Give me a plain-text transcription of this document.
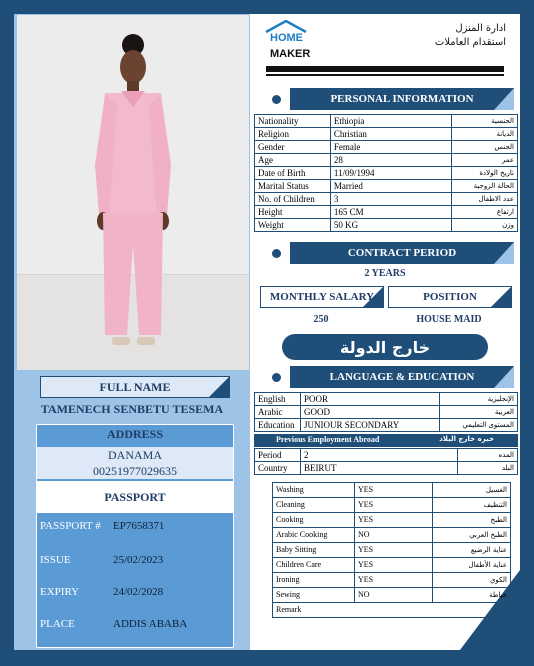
FULL NAME
TAMENECH SENBETU TESEMA
ADDRESS
DANAMA
00251977029635
PASSPORT
PASSPORT # EP7658371
ISSUE	25/02/2023
EXPIRY	24/02/2028
PLACE	ADDIS ABABA
HOME
MAKER
ادارة المنزل
استقدام العاملات
PERSONAL INFORMATION
Nationality	Ethiopia	الجنسية
Religion	Christian	الديانة
Gender	Female	الجنس
Age	28	عمر
Date of Birth	11/09/1994	تاريخ الولادة
Marital Status	Married	الحالة الزوجية
No. of Children	3	عدد الاطفال
Height	165 CM	ارتفاع
Weight	50 KG	وزن
CONTRACT PERIOD
2 YEARS
MONTHLY SALARY	POSITION
250	HOUSE MAID
خارج الدولة
LANGUAGE & EDUCATION
English	POOR	الإنجليزية
Arabic	GOOD	العربية
Education	JUNIOUR SECONDARY	المستوى التعليمي
Previous Employment Abroad	خبره خارج البلاد
Period	2	المده
Country	BEIRUT	البلد
Washing	YES	الغسيل
Cleaning	YES	التنظيف
Cooking	YES	الطبخ
Arabic Cooking	NO	الطبخ العربي
Baby Sitting	YES	عناية الرضيع
Children Care	YES	عناية الأطفال
Ironing	YES	الكوي
Sewing	NO	خياطة
Remark		
